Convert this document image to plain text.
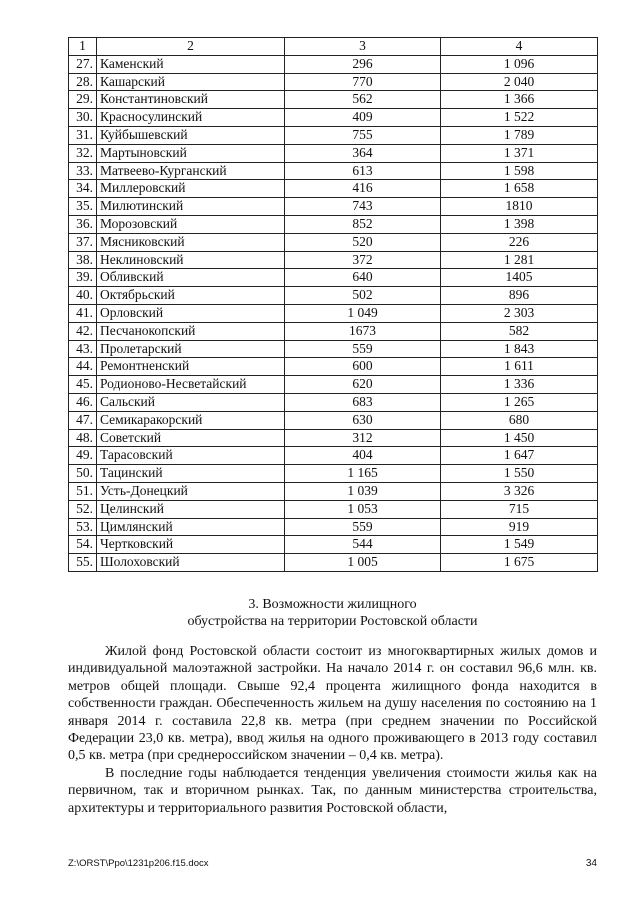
1	2	3	4
27.	Каменский	296	1 096
28.	Кашарский	770	2 040
29.	Константиновский	562	1 366
30.	Красносулинский	409	1 522
31.	Куйбышевский	755	1 789
32.	Мартыновский	364	1 371
33.	Матвеево-Курганский	613	1 598
34.	Миллеровский	416	1 658
35.	Милютинский	743	1810
36.	Морозовский	852	1 398
37.	Мясниковский	520	226
38.	Неклиновский	372	1 281
39.	Обливский	640	1405
40.	Октябрьский	502	896
41.	Орловский	1 049	2 303
42.	Песчанокопский	1673	582
43.	Пролетарский	559	1 843
44.	Ремонтненский	600	1 611
45.	Родионово-Несветайский	620	1 336
46.	Сальский	683	1 265
47.	Семикаракорский	630	680
48.	Советский	312	1 450
49.	Тарасовский	404	1 647
50.	Тацинский	1 165	1 550
51.	Усть-Донецкий	1 039	3 326
52.	Целинский	1 053	715
53.	Цимлянский	559	919
54.	Чертковский	544	1 549
55.	Шолоховский	1 005	1 675
3. Возможности жилищного
обустройства на территории Ростовской области

Жилой фонд Ростовской области состоит из многоквартирных жилых домов и индивидуальной малоэтажной застройки. На начало 2014 г. он составил 96,6 млн. кв. метров общей площади. Свыше 92,4 процента жилищного фонда находится в собственности граждан. Обеспеченность жильем на душу населения по состоянию на 1 января 2014 г. составила 22,8 кв. метра (при среднем значении по Российской Федерации 23,0 кв. метра), ввод жилья на одного проживающего в 2013 году составил 0,5 кв. метра (при среднероссийском значении – 0,4 кв. метра).

В последние годы наблюдается тенденция увеличения стоимости жилья как на первичном, так и вторичном рынках. Так, по данным министерства строительства, архитектуры и территориального развития Ростовской области,

Z:\ORST\Ppo\1231p206.f15.docx	34
